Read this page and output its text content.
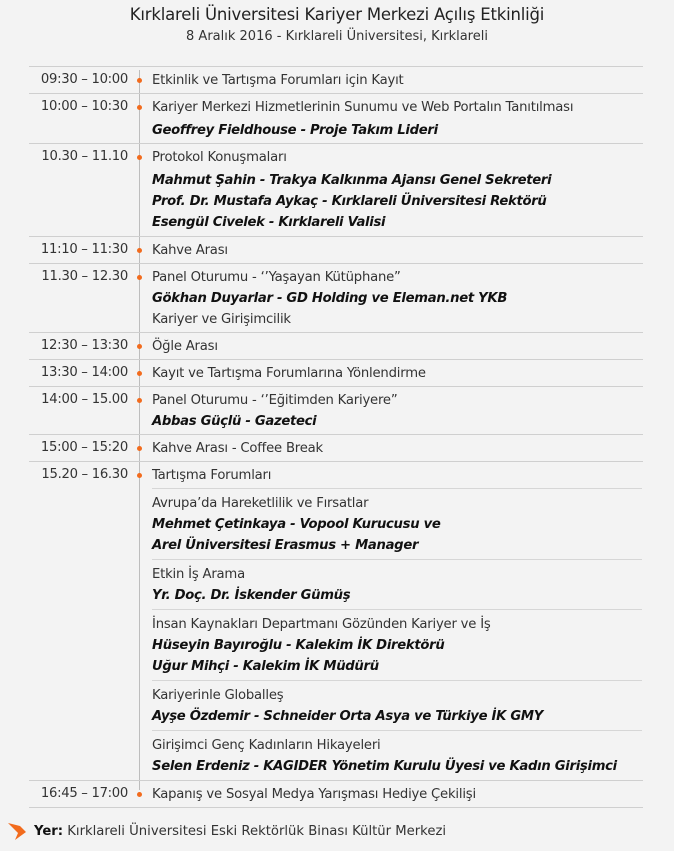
Kırklareli Üniversitesi Kariyer Merkezi Açılış Etkinliği
8 Aralık 2016 - Kırklareli Üniversitesi, Kırklareli
09:30 – 10:00 Etkinlik ve Tartışma Forumları için Kayıt
10:00 – 10:30 Kariyer Merkezi Hizmetlerinin Sunumu ve Web Portalın Tanıtılması
Geoffrey Fieldhouse - Proje Takım Lideri
10.30 – 11.10 Protokol Konuşmaları
Mahmut Şahin - Trakya Kalkınma Ajansı Genel Sekreteri
Prof. Dr. Mustafa Aykaç - Kırklareli Üniversitesi Rektörü
Esengül Civelek - Kırklareli Valisi
11:10 – 11:30 Kahve Arası
11.30 – 12.30 Panel Oturumu - ‘’Yaşayan Kütüphane”
Gökhan Duyarlar - GD Holding ve Eleman.net YKB
Kariyer ve Girişimcilik
12:30 – 13:30 Öğle Arası
13:30 – 14:00 Kayıt ve Tartışma Forumlarına Yönlendirme
14:00 – 15.00 Panel Oturumu - ‘’Eğitimden Kariyere”
Abbas Güçlü - Gazeteci
15:00 – 15:20 Kahve Arası - Coffee Break
15.20 – 16.30 Tartışma Forumları
Avrupa’da Hareketlilik ve Fırsatlar
Mehmet Çetinkaya - Vopool Kurucusu ve
Arel Üniversitesi Erasmus + Manager
Etkin İş Arama
Yr. Doç. Dr. İskender Gümüş
İnsan Kaynakları Departmanı Gözünden Kariyer ve İş
Hüseyin Bayıroğlu - Kalekim İK Direktörü
Uğur Mihçi - Kalekim İK Müdürü
Kariyerinle Globalleş
Ayşe Özdemir - Schneider Orta Asya ve Türkiye İK GMY
Girişimci Genç Kadınların Hikayeleri
Selen Erdeniz - KAGIDER Yönetim Kurulu Üyesi ve Kadın Girişimci
16:45 – 17:00 Kapanış ve Sosyal Medya Yarışması Hediye Çekilişi
Yer: Kırklareli Üniversitesi Eski Rektörlük Binası Kültür Merkezi
